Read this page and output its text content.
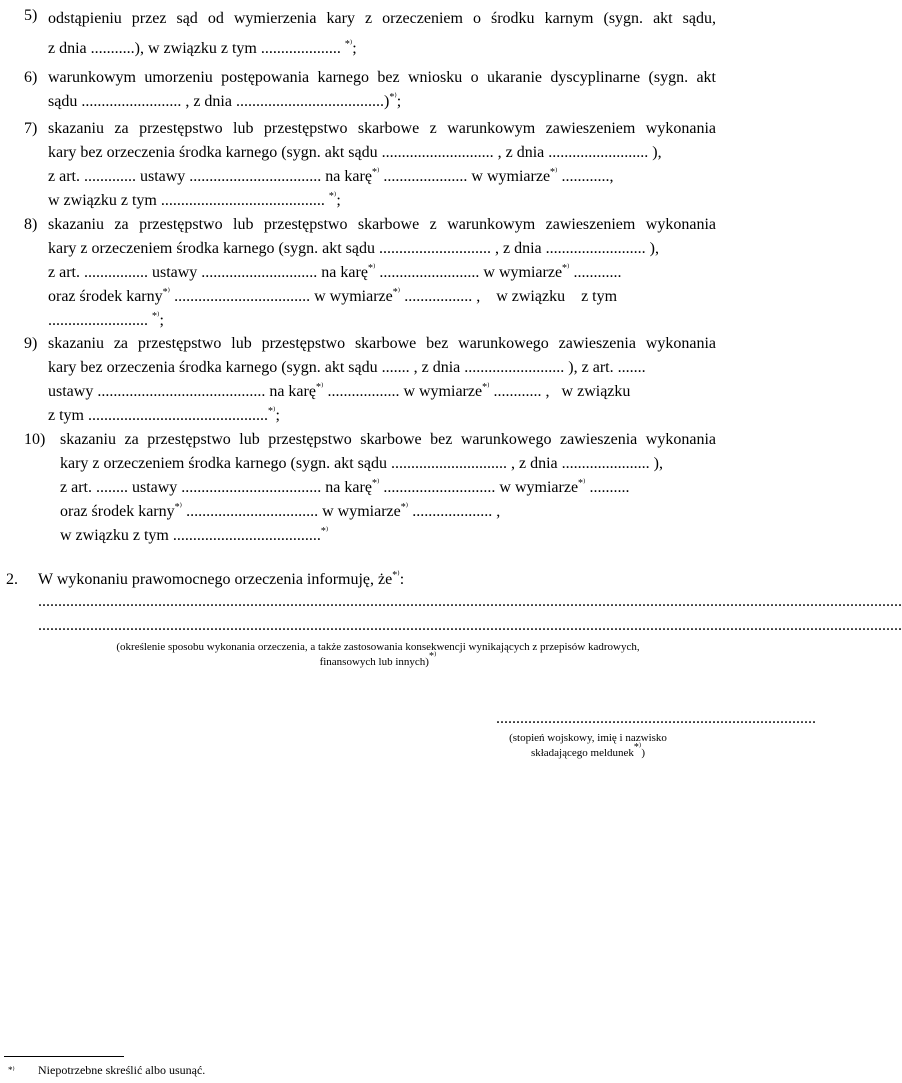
5) odstąpieniu przez sąd od wymierzenia kary z orzeczeniem o środku karnym (sygn. akt sądu,
z dnia ...........), w związku z tym .................... *⁾;
6) warunkowym umorzeniu postępowania karnego bez wniosku o ukaranie dyscyplinarne (sygn. akt
sądu ......................... , z dnia .....................................)*⁾;
7) skazaniu za przestępstwo lub przestępstwo skarbowe z warunkowym zawieszeniem wykonania
kary bez orzeczenia środka karnego (sygn. akt sądu ............................ , z dnia ......................... ),
z art. ............. ustawy ................................. na karę*⁾ ..................... w wymiarze*⁾ ............,
w związku z tym ......................................... *⁾;
8) skazaniu za przestępstwo lub przestępstwo skarbowe z warunkowym zawieszeniem wykonania
kary z orzeczeniem środka karnego (sygn. akt sądu ............................ , z dnia ......................... ),
z art. ................ ustawy ............................. na karę*⁾ ......................... w wymiarze*⁾ ............
oraz środek karny*⁾ .................................. w wymiarze*⁾ ................. ,    w związku    z tym
......................... *⁾;
9) skazaniu za przestępstwo lub przestępstwo skarbowe bez warunkowego zawieszenia wykonania
kary bez orzeczenia środka karnego (sygn. akt sądu ....... , z dnia ......................... ), z art. .......
ustawy .......................................... na karę*⁾ .................. w wymiarze*⁾ ............ ,   w związku
z tym .............................................*⁾;
10) skazaniu za przestępstwo lub przestępstwo skarbowe bez warunkowego zawieszenia wykonania
kary z orzeczeniem środka karnego (sygn. akt sądu ............................. , z dnia ...................... ),
z art. ........ ustawy ................................... na karę*⁾ ............................ w wymiarze*⁾ ..........
oraz środek karny*⁾ ................................. w wymiarze*⁾ .................... ,
w związku z tym .....................................*⁾
2. W wykonaniu prawomocnego orzeczenia informuję, że*⁾:
........................................................................................................................................................................................................................
........................................................................................................................................................................................................................
(określenie sposobu wykonania orzeczenia, a także zastosowania konsekwencji wynikających z przepisów kadrowych,
finansowych lub innych)*⁾
................................................................................
(stopień wojskowy, imię i nazwisko
składającego meldunek*⁾)
*⁾ Niepotrzebne skreślić albo usunąć.
